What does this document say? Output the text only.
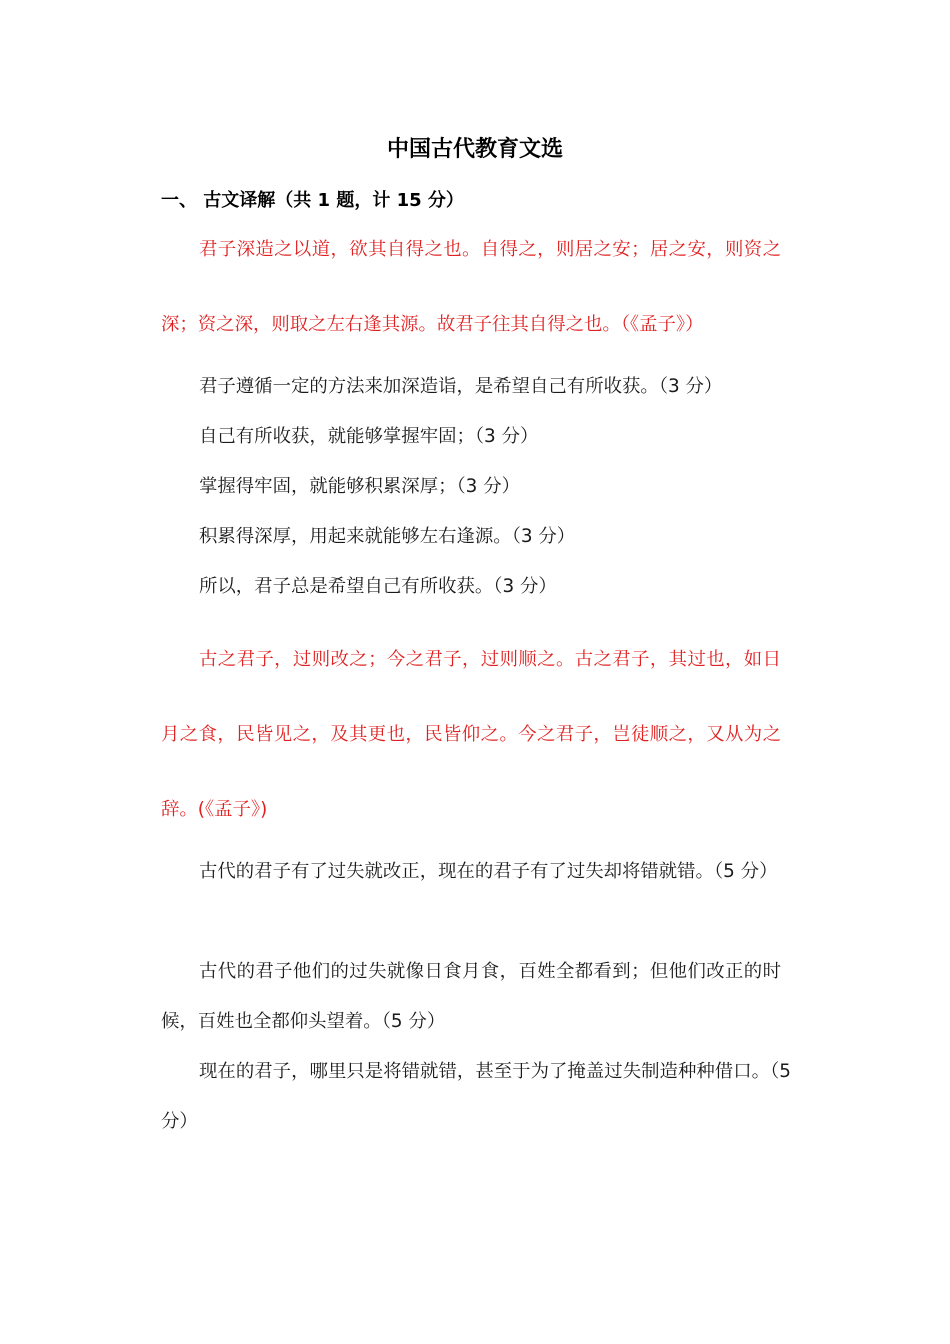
中国古代教育文选
一、 古文译解（共 1 题，计 15 分）
君子深造之以道，欲其自得之也。自得之，则居之安；居之安，则资之深；资之深，则取之左右逢其源。故君子往其自得之也。（《孟子》）
君子遵循一定的方法来加深造诣，是希望自己有所收获。（3 分）
自己有所收获，就能够掌握牢固；（3 分）
掌握得牢固，就能够积累深厚；（3 分）
积累得深厚，用起来就能够左右逢源。（3 分）
所以，君子总是希望自己有所收获。（3 分）
古之君子，过则改之；今之君子，过则顺之。古之君子，其过也，如日月之食，民皆见之，及其更也，民皆仰之。今之君子，岂徒顺之，又从为之辞。(《孟子》)
古代的君子有了过失就改正，现在的君子有了过失却将错就错。（5 分）
古代的君子他们的过失就像日食月食，百姓全都看到；但他们改正的时候，百姓也全都仰头望着。（5 分）
现在的君子，哪里只是将错就错，甚至于为了掩盖过失制造种种借口。（5 分）
